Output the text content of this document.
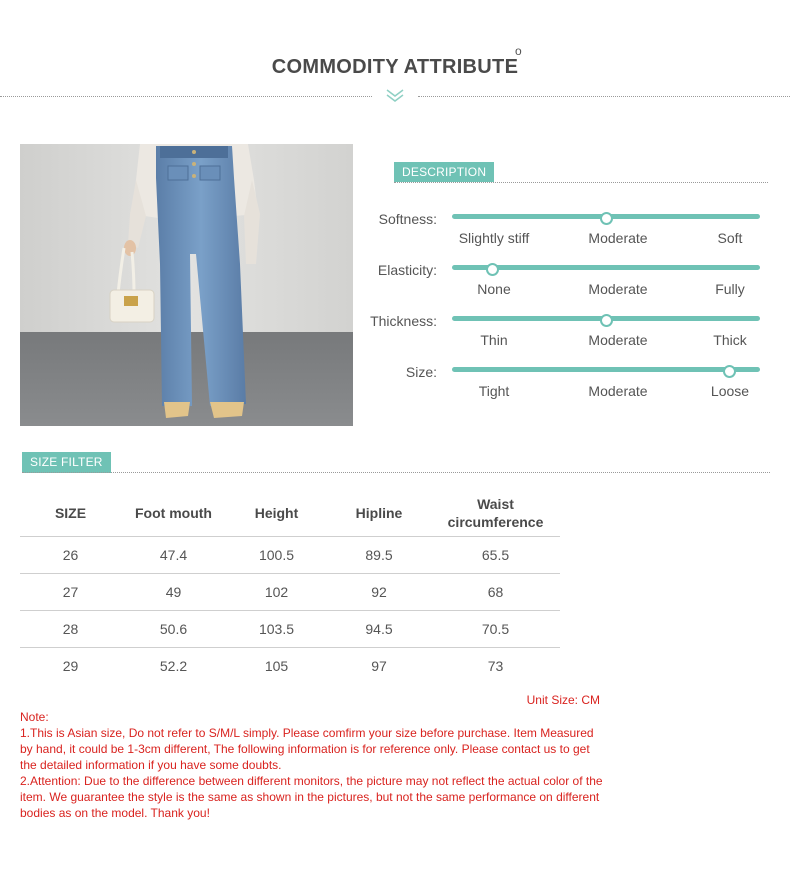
COMMODITY ATTRIBUTE
o
DESCRIPTION
Softness:
Slightly stiff	Moderate	Soft
Elasticity:
None	Moderate	Fully
Thickness:
Thin	Moderate	Thick
Size:
Tight	Moderate	Loose
SIZE FILTER
SIZE	Foot mouth	Height	Hipline	Waist circumference
26	47.4	100.5	89.5	65.5
27	49	102	92	68
28	50.6	103.5	94.5	70.5
29	52.2	105	97	73
Unit Size: CM

Note:

1.This is Asian size, Do not refer to S/M/L simply. Please comfirm your size before purchase. Item Measured by hand, it could be 1-3cm different, The following information is for reference only. Please contact us to get the detailed information if you have some doubts.

2.Attention: Due to the difference between different monitors, the picture may not reflect the actual color of the item. We guarantee the style is the same as shown in the pictures, but not the same performance on different bodies as on the model. Thank you!
